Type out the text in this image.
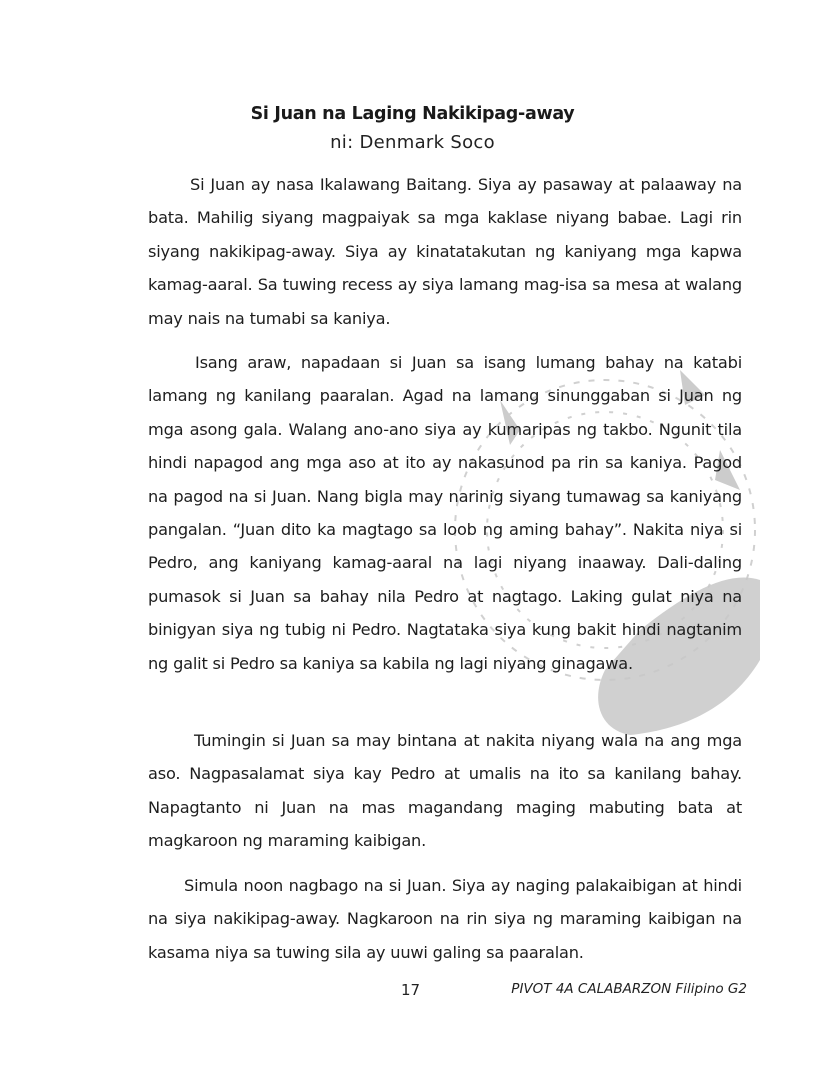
Si Juan na Laging Nakikipag-away
ni: Denmark Soco

Si Juan ay nasa Ikalawang Baitang. Siya ay pasaway at palaaway na bata. Mahilig siyang magpaiyak sa mga kaklase niyang babae. Lagi rin siyang nakikipag-away. Siya ay kinatatakutan ng kaniyang mga kapwa kamag-aaral. Sa tuwing recess ay siya lamang mag-isa sa mesa at walang may nais na tumabi sa kaniya.

Isang araw, napadaan si Juan sa isang lumang bahay na katabi lamang ng kanilang paaralan. Agad na lamang sinunggaban si Juan ng mga asong gala. Walang ano-ano siya ay kumaripas ng takbo. Ngunit tila hindi napagod ang mga aso at ito ay nakasunod pa rin sa kaniya. Pagod na pagod na si Juan. Nang bigla may narinig siyang tumawag sa kaniyang pangalan. “Juan dito ka magtago sa loob ng aming bahay”. Nakita niya si Pedro, ang kaniyang kamag-aaral na lagi niyang inaaway. Dali-daling pumasok si Juan sa bahay nila Pedro at nagtago. Laking gulat niya na binigyan siya ng tubig ni Pedro. Nagtataka siya kung bakit hindi nagtanim ng galit si Pedro sa kaniya sa kabila ng lagi niyang ginagawa.

Tumingin si Juan sa may bintana at nakita niyang wala na ang mga aso. Nagpasalamat siya kay Pedro at umalis na ito sa kanilang bahay. Napagtanto ni Juan na mas magandang maging mabuting bata at magkaroon ng maraming kaibigan.

Simula noon nagbago na si Juan. Siya ay naging palakaibigan at hindi na siya nakikipag-away. Nagkaroon na rin siya ng maraming kaibigan na kasama niya sa tuwing sila ay uuwi galing sa paaralan.

17	PIVOT 4A CALABARZON Filipino G2
